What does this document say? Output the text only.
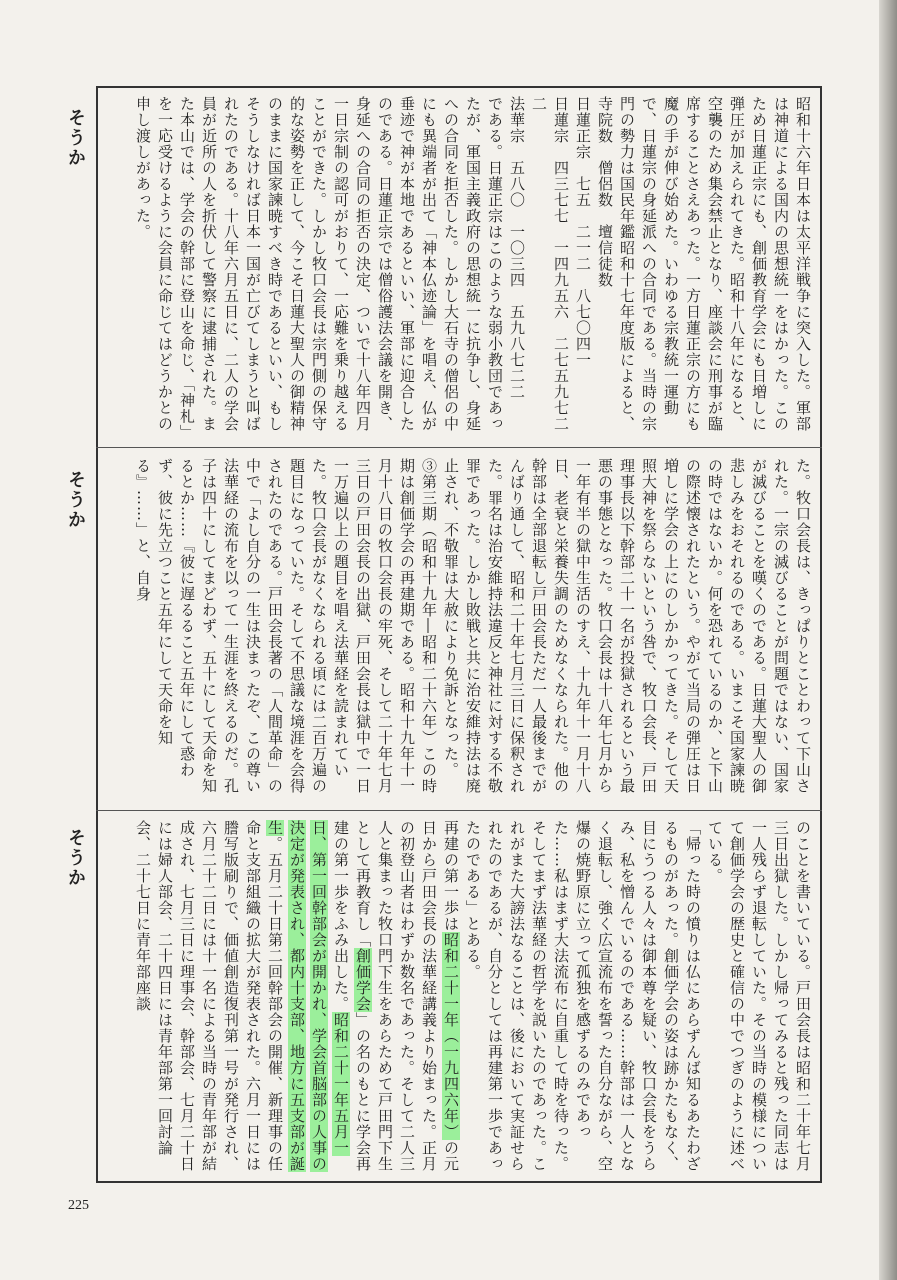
そうか
そうか
そうか

昭和十六年日本は太平洋戦争に突入した。軍部は神道による国内の思想統一をはかった。このため日蓮正宗にも、創価教育学会にも日増しに弾圧が加えられてきた。昭和十八年になると、空襲のため集会禁止となり、座談会に刑事が臨席することさえあった。一方日蓮正宗の方にも魔の手が伸び始めた。いわゆる宗教統一運動で、日蓮宗の身延派への合同である。当時の宗門の勢力は国民年鑑昭和十七年度版によると、

寺院数　僧侶数　壇信徒数

日蓮正宗　七五　二一二　八七〇四一

日蓮宗　四三七七　一四九五六　二七五九七二二

法華宗　五八〇　一〇三四　五九八七二二

である。日蓮正宗はこのような弱小教団であったが、軍国主義政府の思想統一に抗争し、身延への合同を拒否した。しかし大石寺の僧侶の中にも異端者が出て「神本仏迹論」を唱え、仏が垂迹で神が本地であるといい、軍部に迎合したのである。日蓮正宗では僧俗護法会議を開き、身延への合同の拒否の決定、ついで十八年四月一日宗制の認可がおりて、一応難を乗り越えることができた。しかし牧口会長は宗門側の保守的な姿勢を正して、今こそ日蓮大聖人の御精神のままに国家諫暁すべき時であるといい、もしそうしなければ日本一国が亡びてしまうと叫ばれたのである。十八年六月五日に、二人の学会員が近所の人を折伏して警察に逮捕された。また本山では、学会の幹部に登山を命じ、「神札」を一応受けるように会員に命じてはどうかとの申し渡しがあった。

た。牧口会長は、きっぱりとことわって下山された。一宗の滅びることが問題ではない、国家が滅びることを嘆くのである。日蓮大聖人の御悲しみをおそれるのである。いまこそ国家諫暁の時ではないか。何を恐れているのか、と下山の際述懐されたという。やがて当局の弾圧は日増しに学会の上にのしかかってきた。そして天照大神を祭らないという咎で、牧口会長、戸田理事長以下幹部二十一名が投獄されるという最悪の事態となった。牧口会長は十八年七月から一年有半の獄中生活のすえ、十九年十一月十八日、老衰と栄養失調のためなくなられた。他の幹部は全部退転し戸田会長ただ一人最後までがんばり通して、昭和二十年七月三日に保釈された。罪名は治安維持法違反と神社に対する不敬罪であった。しかし敗戦と共に治安維持法は廃止され、不敬罪は大赦により免訴となった。

③第三期（昭和十九年―昭和二十六年）この時期は創価学会の再建期である。昭和十九年十一月十八日の牧口会長の牢死、そして二十年七月三日の戸田会長の出獄、戸田会長は獄中で一日一万遍以上の題目を唱え法華経を読まれていた。牧口会長がなくなられる頃には二百万遍の題目になっていた。そして不思議な境涯を会得されたのである。戸田会長著の「人間革命」の中で「よし自分の一生は決まったぞ、この尊い法華経の流布を以って一生涯を終えるのだ。孔子は四十にしてまどわず、五十にして天命を知るとか……『彼に遅るること五年にして惑わず、彼に先立つこと五年にして天命を知る』……」と、自身

のことを書いている。戸田会長は昭和二十年七月三日出獄した。しかし帰ってみると残った同志は一人残らず退転していた。その当時の模様について創価学会の歴史と確信の中でつぎのように述べている。

「帰った時の憤りは仏にあらずんば知るあたわざるものがあった。創価学会の姿は跡かたもなく、目にうつる人々は御本尊を疑い、牧口会長をうらみ、私を憎んでいるのである……幹部は一人となく退転し、強く広宣流布を誓った自分ながら、空爆の焼野原に立って孤独を感ずるのみであった……私はまず大法流布に自重して時を待った。そしてまず法華経の哲学を説いたのであった。これがまた大謗法なることは、後において実証せられたのであるが、自分としては再建第一歩であったのである」とある。

再建の第一歩は昭和二十一年（一九四六年）の元日から戸田会長の法華経講義より始まった。正月の初登山者はわずか数名であった。そして二人三人と集まった牧口門下生をあらためて戸田門下生として再教育し「創価学会」の名のもとに学会再建の第一歩をふみ出した。昭和二十一年五月一日、第一回幹部会が開かれ、学会首脳部の人事の決定が発表され、都内十支部、地方に五支部が誕生。五月二十日第二回幹部会の開催、新理事の任命と支部組織の拡大が発表された。六月一日には謄写版刷りで、価値創造復刊第一号が発行され、六月二十二日には十一名による当時の青年部が結成され、七月三日に理事会、幹部会、七月二十日には婦人部会、二十四日には青年部第一回討論会、二十七日に青年部座談

225
